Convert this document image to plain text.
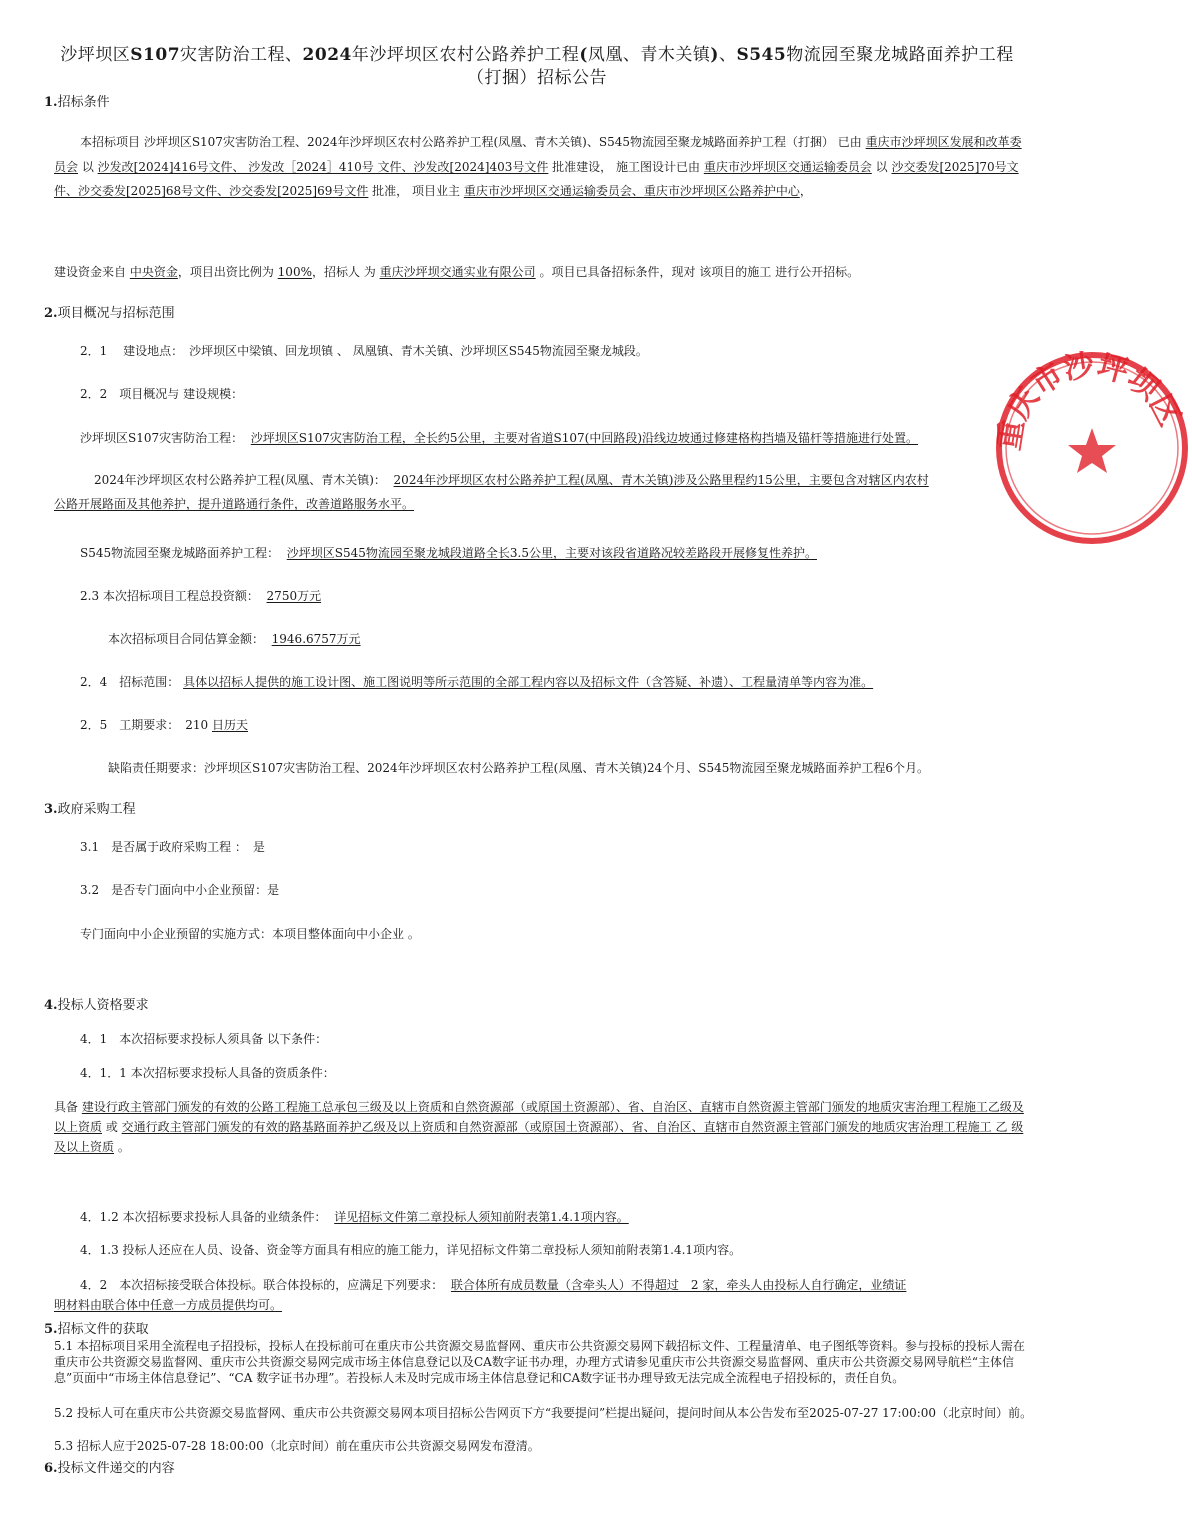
沙坪坝区S107灾害防治工程、2024年沙坪坝区农村公路养护工程(凤凰、青木关镇)、S545物流园至聚龙城路面养护工程
（打捆）招标公告
1.招标条件
本招标项目 沙坪坝区S107灾害防治工程、2024年沙坪坝区农村公路养护工程(凤凰、青木关镇)、S545物流园至聚龙城路面养护工程（打捆） 已由 重庆市沙坪坝区发展和改革委员会 以 沙发改[2024]416号文件、 沙发改［2024］410号 文件、沙发改[2024]403号文件 批准建设， 施工图设计已由 重庆市沙坪坝区交通运输委员会 以 沙交委发[2025]70号文件、沙交委发[2025]68号文件、沙交委发[2025]69号文件 批准， 项目业主 重庆市沙坪坝区交通运输委员会、重庆市沙坪坝区公路养护中心，
建设资金来自 中央资金，项目出资比例为 100%，招标人 为 重庆沙坪坝交通实业有限公司 。项目已具备招标条件，现对 该项目的施工 进行公开招标。
2.项目概况与招标范围
2．1　 建设地点：　沙坪坝区中梁镇、回龙坝镇 、 凤凰镇、青木关镇、沙坪坝区S545物流园至聚龙城段。
2．2　项目概况与 建设规模：
沙坪坝区S107灾害防治工程： 沙坪坝区S107灾害防治工程，全长约5公里，主要对省道S107(中回路段)沿线边坡通过修建格构挡墙及锚杆等措施进行处置。
2024年沙坪坝区农村公路养护工程(凤凰、青木关镇)： 2024年沙坪坝区农村公路养护工程(凤凰、青木关镇)涉及公路里程约15公里，主要包含对辖区内农村
公路开展路面及其他养护，提升道路通行条件，改善道路服务水平。
S545物流园至聚龙城路面养护工程： 沙坪坝区S545物流园至聚龙城段道路全长3.5公里，主要对该段省道路况较差路段开展修复性养护。
2.3 本次招标项目工程总投资额： 2750万元
本次招标项目合同估算金额： 1946.6757万元
2．4　招标范围： 具体以招标人提供的施工设计图、施工图说明等所示范围的全部工程内容以及招标文件（含答疑、补遗）、工程量清单等内容为准。
2．5　工期要求：　210 日历天
缺陷责任期要求：沙坪坝区S107灾害防治工程、2024年沙坪坝区农村公路养护工程(凤凰、青木关镇)24个月、S545物流园至聚龙城路面养护工程6个月。
3.政府采购工程
3.1　是否属于政府采购工程 ：　是
3.2　是否专门面向中小企业预留：是
专门面向中小企业预留的实施方式：本项目整体面向中小企业 。
4.投标人资格要求
4．1　本次招标要求投标人须具备 以下条件：
4．1．1 本次招标要求投标人具备的资质条件：
具备 建设行政主管部门颁发的有效的公路工程施工总承包三级及以上资质和自然资源部（或原国土资源部）、省、自治区、直辖市自然资源主管部门颁发的地质灾害治理工程施工乙级及以上资质 或 交通行政主管部门颁发的有效的路基路面养护乙级及以上资质和自然资源部（或原国土资源部）、省、自治区、直辖市自然资源主管部门颁发的地质灾害治理工程施工 乙 级及以上资质 。
4．1.2 本次招标要求投标人具备的业绩条件： 详见招标文件第二章投标人须知前附表第1.4.1项内容。
4．1.3 投标人还应在人员、设备、资金等方面具有相应的施工能力，详见招标文件第二章投标人须知前附表第1.4.1项内容。
4．2　本次招标接受联合体投标。联合体投标的，应满足下列要求： 联合体所有成员数量（含牵头人）不得超过　2 家，牵头人由投标人自行确定，业绩证
明材料由联合体中任意一方成员提供均可。
5.招标文件的获取
5.1 本招标项目采用全流程电子招投标，投标人在投标前可在重庆市公共资源交易监督网、重庆市公共资源交易网下载招标文件、工程量清单、电子图纸等资料。参与投标的投标人需在重庆市公共资源交易监督网、重庆市公共资源交易网完成市场主体信息登记以及CA数字证书办理，办理方式请参见重庆市公共资源交易监督网、重庆市公共资源交易网导航栏“主体信息”页面中“市场主体信息登记”、“CA 数字证书办理”。若投标人未及时完成市场主体信息登记和CA数字证书办理导致无法完成全流程电子招投标的，责任自负。
5.2 投标人可在重庆市公共资源交易监督网、重庆市公共资源交易网本项目招标公告网页下方“我要提问”栏提出疑问，提问时间从本公告发布至2025-07-27 17:00:00（北京时间）前。
5.3 招标人应于2025-07-28 18:00:00（北京时间）前在重庆市公共资源交易网发布澄清。
6.投标文件递交的内容
重庆市沙坪坝区
